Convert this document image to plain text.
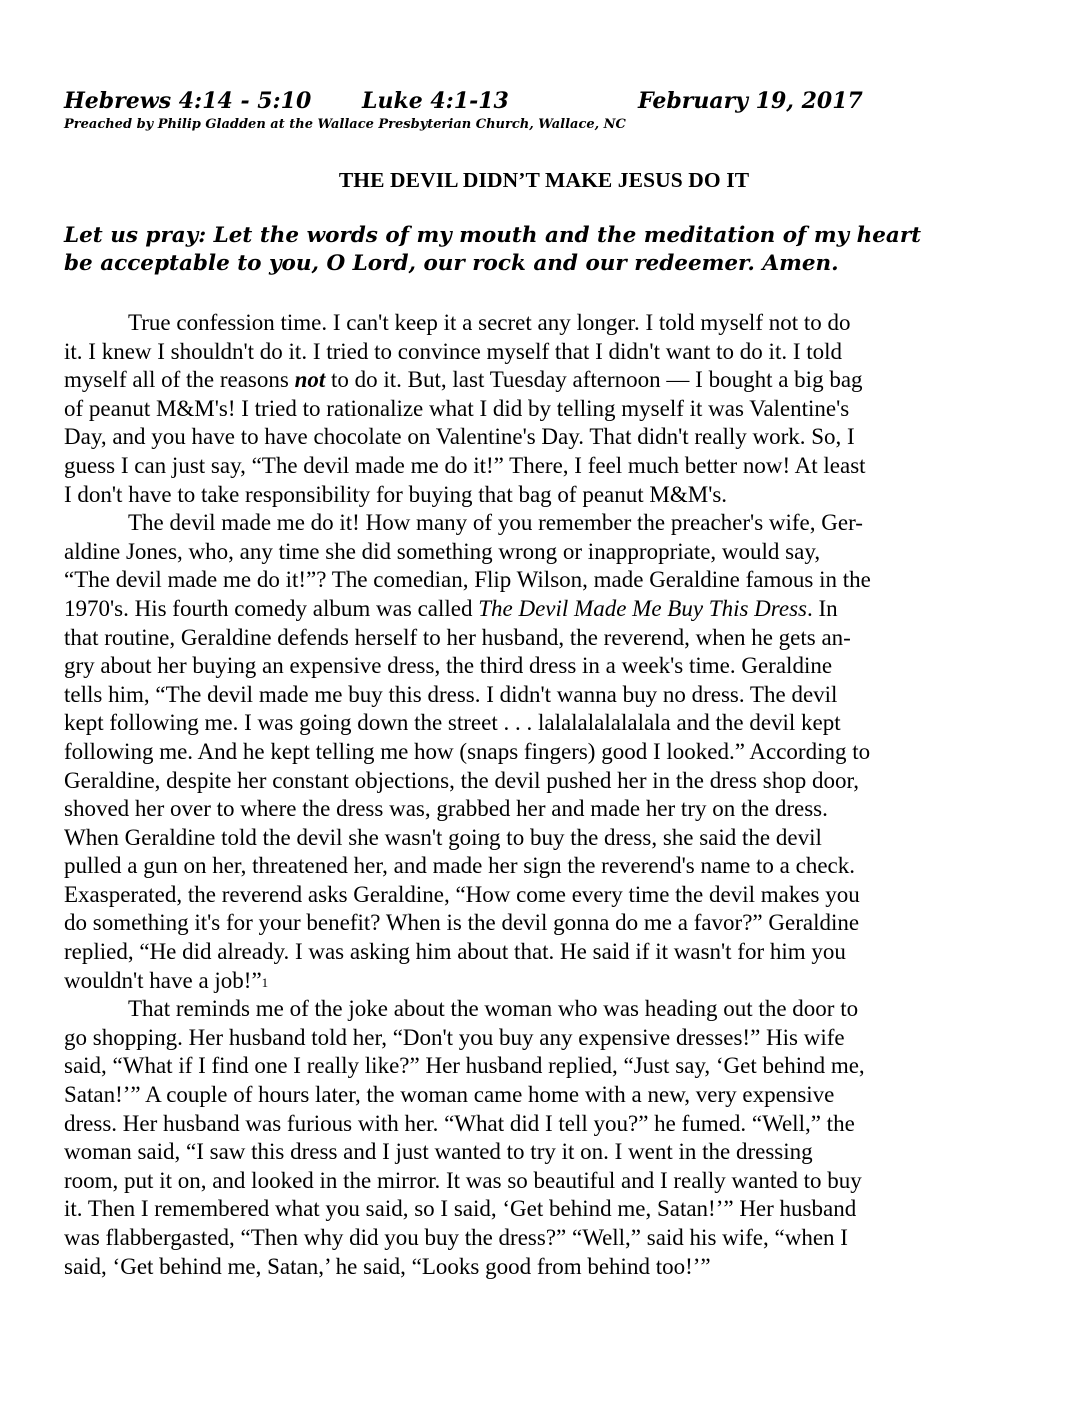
Hebrews 4:14 - 5:10 Luke 4:1-13	February 19, 2017
Preached by Philip Gladden at the Wallace Presbyterian Church, Wallace, NC
THE DEVIL DIDN’T MAKE JESUS DO IT
Let us pray: Let the words of my mouth and the meditation of my heart
be acceptable to you, O Lord, our rock and our redeemer. Amen.
True confession time. I can't keep it a secret any longer. I told myself not to do
it. I knew I shouldn't do it. I tried to convince myself that I didn't want to do it. I told
myself all of the reasons not to do it. But, last Tuesday afternoon — I bought a big bag
of peanut M&M's! I tried to rationalize what I did by telling myself it was Valentine's
Day, and you have to have chocolate on Valentine's Day. That didn't really work. So, I
guess I can just say, “The devil made me do it!” There, I feel much better now! At least
I don't have to take responsibility for buying that bag of peanut M&M's.
The devil made me do it! How many of you remember the preacher's wife, Ger-
aldine Jones, who, any time she did something wrong or inappropriate, would say,
“The devil made me do it!”? The comedian, Flip Wilson, made Geraldine famous in the
1970's. His fourth comedy album was called The Devil Made Me Buy This Dress. In
that routine, Geraldine defends herself to her husband, the reverend, when he gets an-
gry about her buying an expensive dress, the third dress in a week's time. Geraldine
tells him, “The devil made me buy this dress. I didn't wanna buy no dress. The devil
kept following me. I was going down the street . . . lalalalalalalala and the devil kept
following me. And he kept telling me how (snaps fingers) good I looked.” According to
Geraldine, despite her constant objections, the devil pushed her in the dress shop door,
shoved her over to where the dress was, grabbed her and made her try on the dress.
When Geraldine told the devil she wasn't going to buy the dress, she said the devil
pulled a gun on her, threatened her, and made her sign the reverend's name to a check.
Exasperated, the reverend asks Geraldine, “How come every time the devil makes you
do something it's for your benefit? When is the devil gonna do me a favor?” Geraldine
replied, “He did already. I was asking him about that. He said if it wasn't for him you
wouldn't have a job!”$^1$
That reminds me of the joke about the woman who was heading out the door to
go shopping. Her husband told her, “Don't you buy any expensive dresses!” His wife
said, “What if I find one I really like?” Her husband replied, “Just say, ‘Get behind me,
Satan!’” A couple of hours later, the woman came home with a new, very expensive
dress. Her husband was furious with her. “What did I tell you?” he fumed. “Well,” the
woman said, “I saw this dress and I just wanted to try it on. I went in the dressing
room, put it on, and looked in the mirror. It was so beautiful and I really wanted to buy
it. Then I remembered what you said, so I said, ‘Get behind me, Satan!’” Her husband
was flabbergasted, “Then why did you buy the dress?” “Well,” said his wife, “when I
said, ‘Get behind me, Satan,’ he said, “Looks good from behind too!’”
